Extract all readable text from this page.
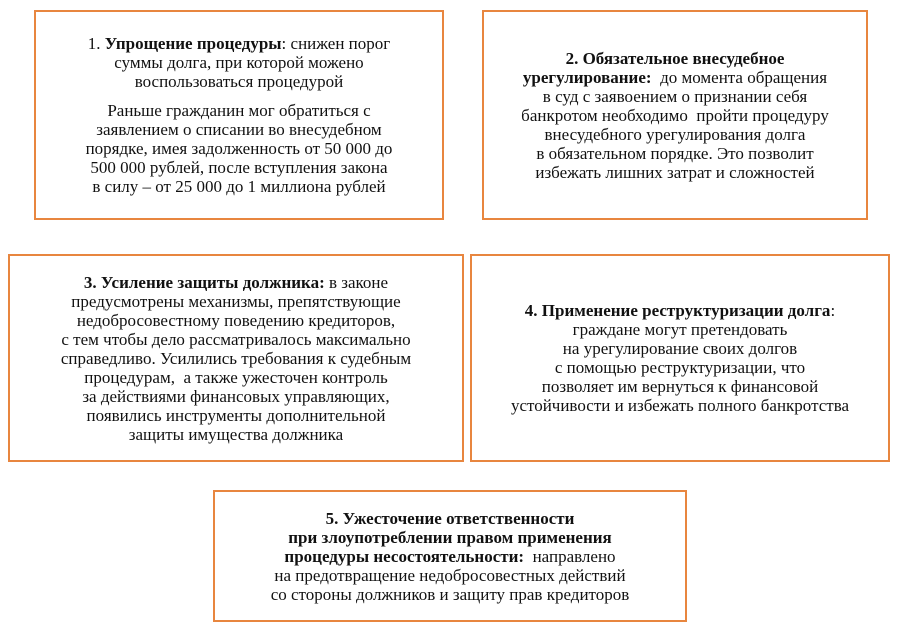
1. Упрощение процедуры: снижен порог
суммы долга, при которой можено
воспользоваться процедурой

Раньше гражданин мог обратиться с
заявлением о списании во внесудебном
порядке, имея задолженность от 50 000 до
500 000 рублей, после вступления закона
в силу – от 25 000 до 1 миллиона рублей

2. Обязательное внесудебное
урегулирование:  до момента обращения
в суд с заявоением о признании себя
банкротом необходимо  пройти процедуру
внесудебного урегулирования долга
в обязательном порядке. Это позволит
избежать лишних затрат и сложностей

3. Усиление защиты должника: в законе
предусмотрены механизмы, препятствующие
недобросовестному поведению кредиторов,
с тем чтобы дело рассматривалось максимально
справедливо. Усилились требования к судебным
процедурам,  а также ужесточен контроль
за действиями финансовых управляющих,
появились инструменты дополнительной
защиты имущества должника

4. Применение реструктуризации долга:
граждане могут претендовать
на урегулирование своих долгов
с помощью реструктуризации, что
позволяет им вернуться к финансовой
устойчивости и избежать полного банкротства

5. Ужесточение ответственности
при злоупотреблении правом применения
процедуры несостоятельности:  направлено
на предотвращение недобросовестных действий
со стороны должников и защиту прав кредиторов
